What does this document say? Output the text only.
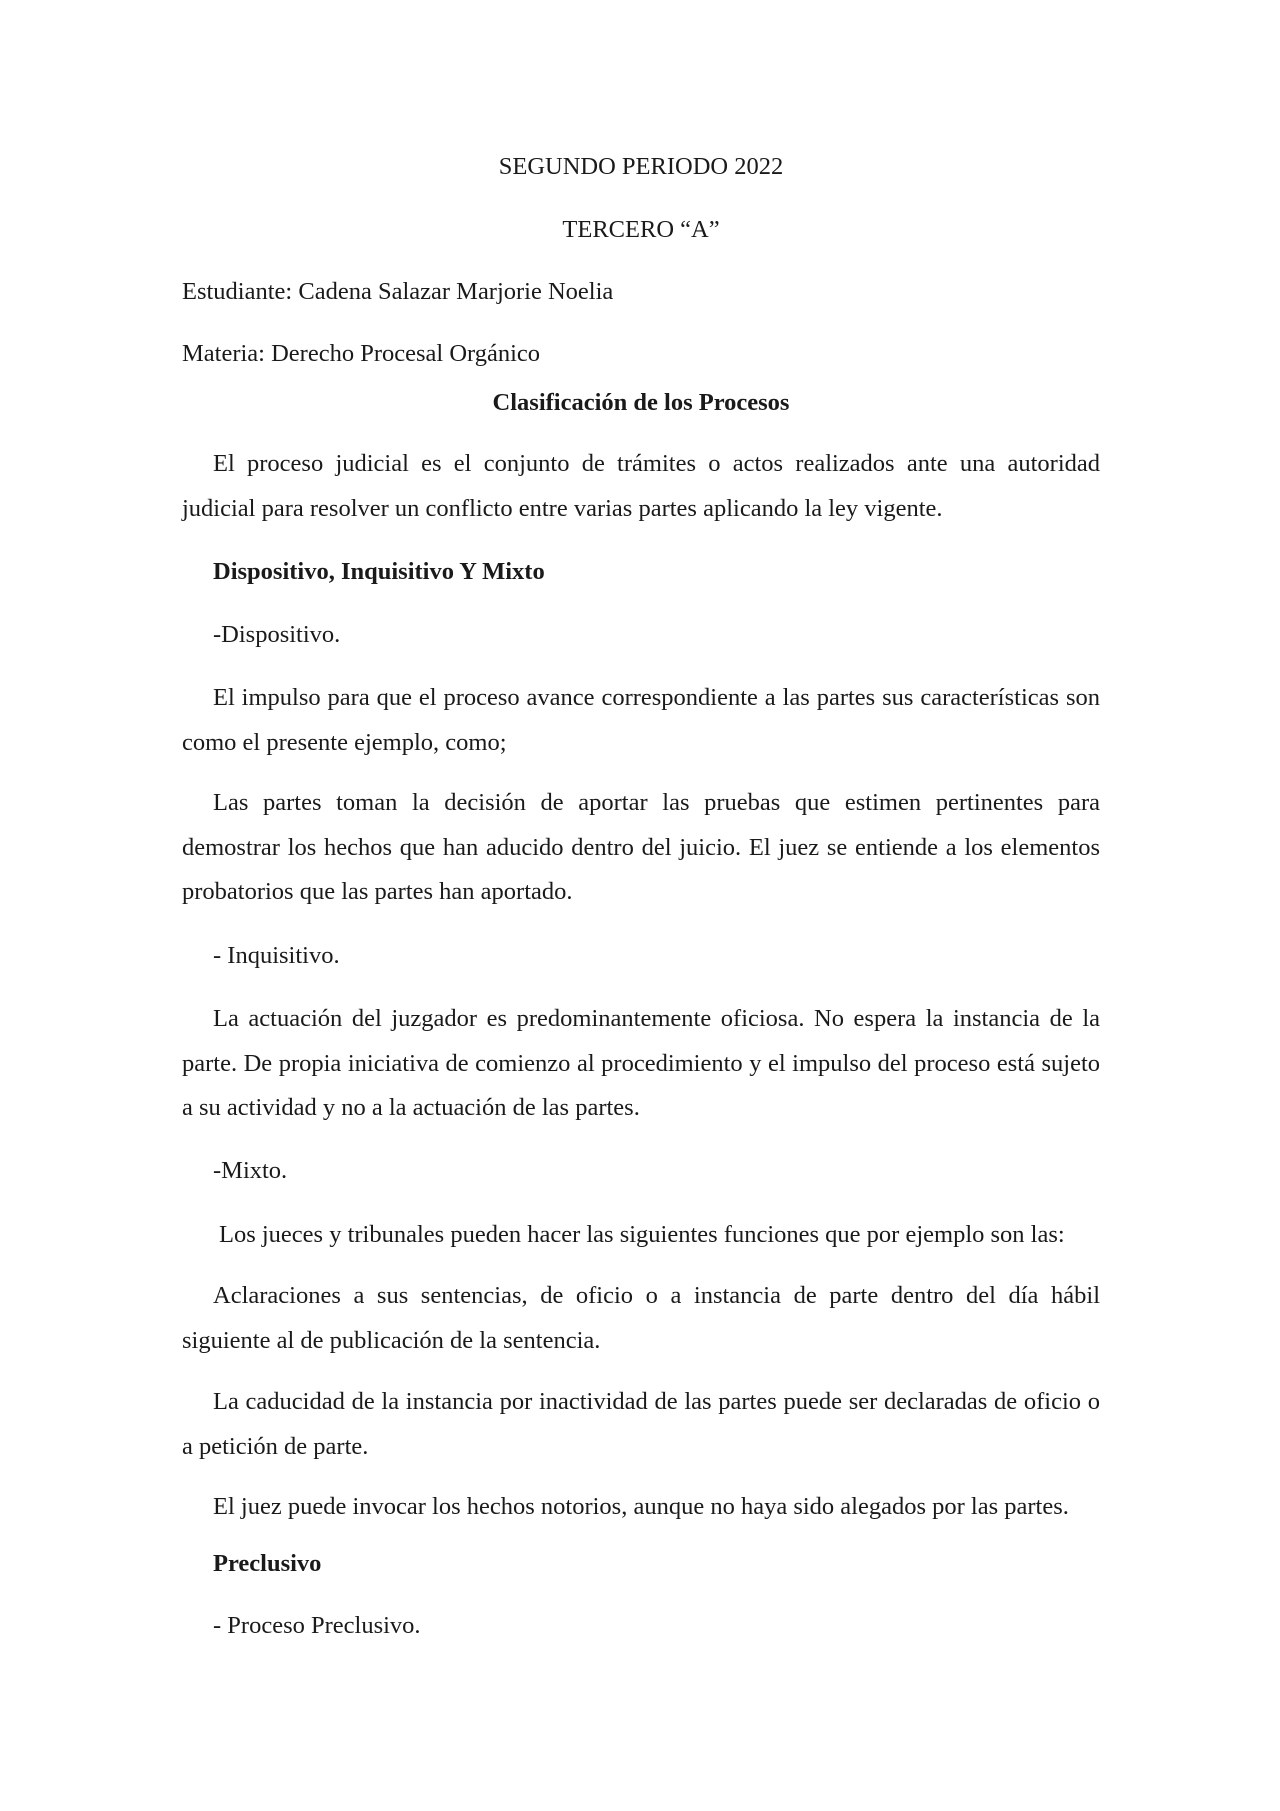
SEGUNDO PERIODO 2022
TERCERO “A”
Estudiante: Cadena Salazar Marjorie Noelia
Materia: Derecho Procesal Orgánico
Clasificación de los Procesos
El proceso judicial es el conjunto de trámites o actos realizados ante una autoridad judicial para resolver un conflicto entre varias partes aplicando la ley vigente.
Dispositivo, Inquisitivo Y Mixto
-Dispositivo.
El impulso para que el proceso avance correspondiente a las partes sus características son como el presente ejemplo, como;
Las partes toman la decisión de aportar las pruebas que estimen pertinentes para demostrar los hechos que han aducido dentro del juicio. El juez se entiende a los elementos probatorios que las partes han aportado.
- Inquisitivo.
La actuación del juzgador es predominantemente oficiosa. No espera la instancia de la parte. De propia iniciativa de comienzo al procedimiento y el impulso del proceso está sujeto a su actividad y no a la actuación de las partes.
-Mixto.
Los jueces y tribunales pueden hacer las siguientes funciones que por ejemplo son las:
Aclaraciones a sus sentencias, de oficio o a instancia de parte dentro del día hábil siguiente al de publicación de la sentencia.
La caducidad de la instancia por inactividad de las partes puede ser declaradas de oficio o a petición de parte.
El juez puede invocar los hechos notorios, aunque no haya sido alegados por las partes.
Preclusivo
- Proceso Preclusivo.
